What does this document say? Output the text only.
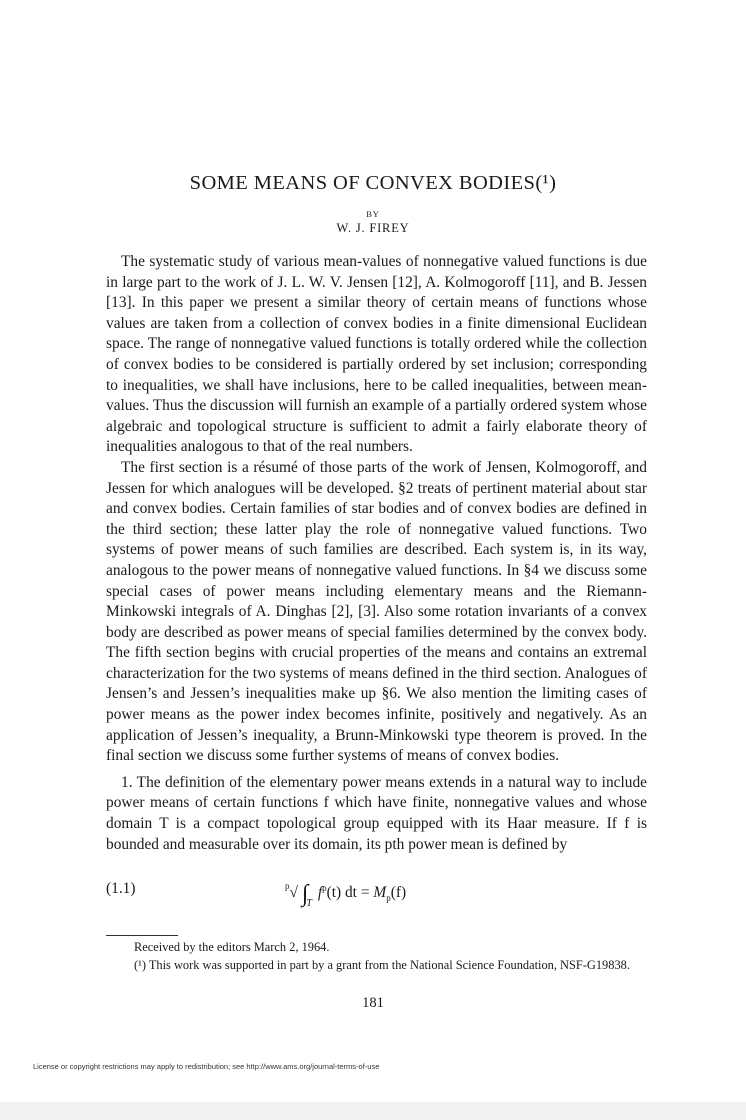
SOME MEANS OF CONVEX BODIES(¹)
BY
W. J. FIREY

The systematic study of various mean-values of nonnegative valued functions is due in large part to the work of J. L. W. V. Jensen [12], A. Kolmogoroff [11], and B. Jessen [13]. In this paper we present a similar theory of certain means of functions whose values are taken from a collection of convex bodies in a finite dimensional Euclidean space. The range of nonnegative valued functions is totally ordered while the collection of convex bodies to be considered is partially ordered by set inclusion; corresponding to inequalities, we shall have inclusions, here to be called inequalities, between mean-values. Thus the discussion will furnish an example of a partially ordered system whose algebraic and topological structure is sufficient to admit a fairly elaborate theory of inequalities analogous to that of the real numbers.

The first section is a résumé of those parts of the work of Jensen, Kolmogoroff, and Jessen for which analogues will be developed. §2 treats of pertinent material about star and convex bodies. Certain families of star bodies and of convex bodies are defined in the third section; these latter play the role of nonnegative valued functions. Two systems of power means of such families are described. Each system is, in its way, analogous to the power means of nonnegative valued functions. In §4 we discuss some special cases of power means including elementary means and the Riemann-Minkowski integrals of A. Dinghas [2], [3]. Also some rotation invariants of a convex body are described as power means of special families determined by the convex body. The fifth section begins with crucial properties of the means and contains an extremal characterization for the two systems of means defined in the third section. Analogues of Jensen’s and Jessen’s inequalities make up §6. We also mention the limiting cases of power means as the power index becomes infinite, positively and negatively. As an application of Jessen’s inequality, a Brunn-Minkowski type theorem is proved. In the final section we discuss some further systems of means of convex bodies.

1. The definition of the elementary power means extends in a natural way to include power means of certain functions f which have finite, nonnegative values and whose domain T is a compact topological group equipped with its Haar measure. If f is bounded and measurable over its domain, its pth power mean is defined by

(1.1)	$^p$√ $\int_T$ $f^p(t)$ dt = $M_p(f)$

Received by the editors March 2, 1964.

(¹) This work was supported in part by a grant from the National Science Foundation, NSF-G19838.

181
License or copyright restrictions may apply to redistribution; see http://www.ams.org/journal-terms-of-use
